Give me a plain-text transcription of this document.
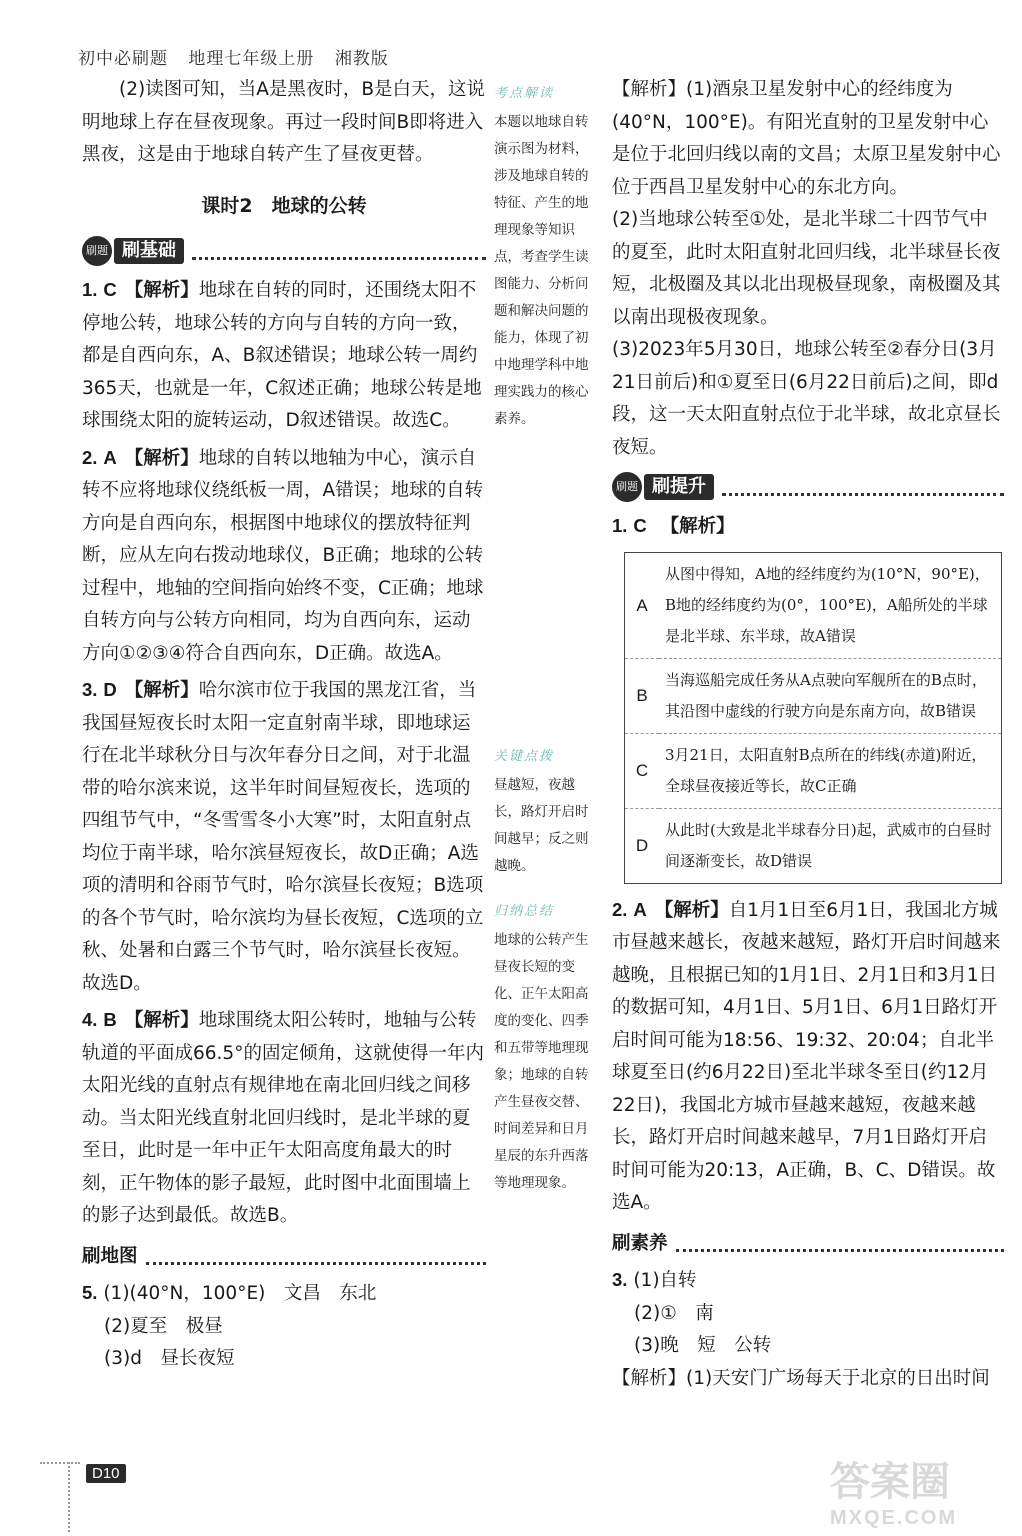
初中必刷题 地理七年级上册 湘教版

(2)读图可知，当A是黑夜时，B是白天，这说明地球上存在昼夜现象。再过一段时间B即将进入黑夜，这是由于地球自转产生了昼夜更替。

课时2　地球的公转
刷题 刷基础
1. C 【解析】地球在自转的同时，还围绕太阳不停地公转，地球公转的方向与自转的方向一致，都是自西向东，A、B叙述错误；地球公转一周约365天，也就是一年，C叙述正确；地球公转是地球围绕太阳的旋转运动，D叙述错误。故选C。
2. A 【解析】地球的自转以地轴为中心，演示自转不应将地球仪绕纸板一周，A错误；地球的自转方向是自西向东，根据图中地球仪的摆放特征判断，应从左向右拨动地球仪，B正确；地球的公转过程中，地轴的空间指向始终不变，C正确；地球自转方向与公转方向相同，均为自西向东，运动方向①②③④符合自西向东，D正确。故选A。
3. D 【解析】哈尔滨市位于我国的黑龙江省，当我国昼短夜长时太阳一定直射南半球，即地球运行在北半球秋分日与次年春分日之间，对于北温带的哈尔滨来说，这半年时间昼短夜长，选项的四组节气中，“冬雪雪冬小大寒”时，太阳直射点均位于南半球，哈尔滨昼短夜长，故D正确；A选项的清明和谷雨节气时，哈尔滨昼长夜短；B选项的各个节气时，哈尔滨均为昼长夜短，C选项的立秋、处暑和白露三个节气时，哈尔滨昼长夜短。故选D。
4. B 【解析】地球围绕太阳公转时，地轴与公转轨道的平面成66.5°的固定倾角，这就使得一年内太阳光线的直射点有规律地在南北回归线之间移动。当太阳光线直射北回归线时，是北半球的夏至日，此时是一年中正午太阳高度角最大的时刻，正午物体的影子最短，此时图中北面围墙上的影子达到最低。故选B。
刷地图
5. (1)(40°N，100°E)　文昌　东北
(2)夏至　极昼
(3)d　昼长夜短
考点解读
本题以地球自转演示图为材料，涉及地球自转的特征、产生的地理现象等知识点，考查学生读图能力、分析问题和解决问题的能力，体现了初中地理学科中地理实践力的核心素养。
关键点拨
昼越短，夜越长，路灯开启时间越早；反之则越晚。
归纳总结
地球的公转产生昼夜长短的变化、正午太阳高度的变化、四季和五带等地理现象；地球的自转产生昼夜交替、时间差异和日月星辰的东升西落等地理现象。

【解析】(1)酒泉卫星发射中心的经纬度为(40°N，100°E)。有阳光直射的卫星发射中心是位于北回归线以南的文昌；太原卫星发射中心位于西昌卫星发射中心的东北方向。

(2)当地球公转至①处，是北半球二十四节气中的夏至，此时太阳直射北回归线，北半球昼长夜短，北极圈及其以北出现极昼现象，南极圈及其以南出现极夜现象。

(3)2023年5月30日，地球公转至②春分日(3月21日前后)和①夏至日(6月22日前后)之间，即d段，这一天太阳直射点位于北半球，故北京昼长夜短。

刷题 刷提升
1. C 【解析】
A	从图中得知，A地的经纬度约为(10°N，90°E)，B地的经纬度约为(0°，100°E)，A船所处的半球是北半球、东半球，故A错误
B	当海巡船完成任务从A点驶向军舰所在的B点时，其沿图中虚线的行驶方向是东南方向，故B错误
C	3月21日，太阳直射B点所在的纬线(赤道)附近，全球昼夜接近等长，故C正确
D	从此时(大致是北半球春分日)起，武威市的白昼时间逐渐变长，故D错误
2. A 【解析】自1月1日至6月1日，我国北方城市昼越来越长，夜越来越短，路灯开启时间越来越晚，且根据已知的1月1日、2月1日和3月1日的数据可知，4月1日、5月1日、6月1日路灯开启时间可能为18:56、19:32、20:04；自北半球夏至日(约6月22日)至北半球冬至日(约12月22日)，我国北方城市昼越来越短，夜越来越长，路灯开启时间越来越早，7月1日路灯开启时间可能为20:13，A正确，B、C、D错误。故选A。
刷素养
3. (1)自转
(2)①　南
(3)晚　短　公转
【解析】(1)天安门广场每天于北京的日出时间
D10	答案圈
MXQE.COM
